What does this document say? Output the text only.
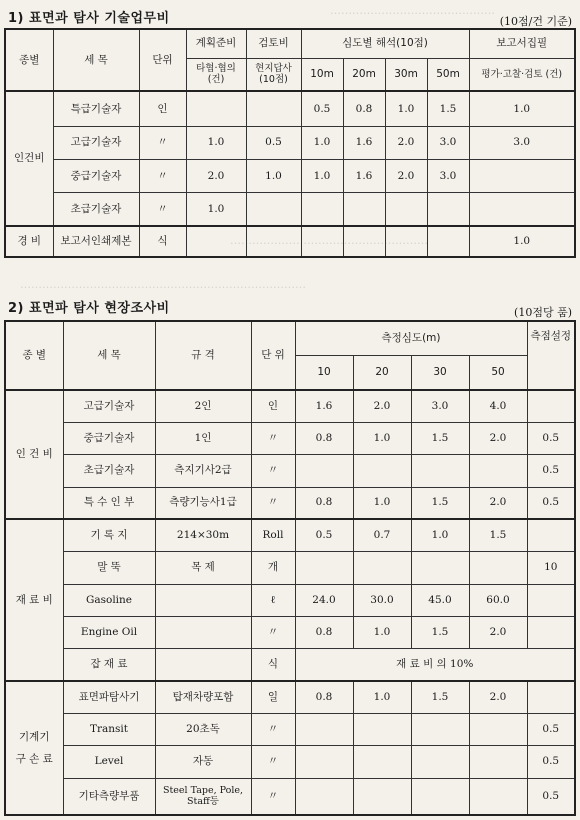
………………………………………
………………………………………………
……………………………………………………………………
1) 표면과 탐사 기술업무비	(10점/건 기준)
종별	세 목	단위	계획준비	검토비	심도별 해석(10점)				보고서집필
			타협·협의 (건)	현지답사 (10점)	10m	20m	30m	50m	평가·고찰·검토 (건)
인건비	특급기술자	인			0.5	0.8	1.0	1.5	1.0
	고급기술자	〃	1.0	0.5	1.0	1.6	2.0	3.0	3.0
	중급기술자	〃	2.0	1.0	1.0	1.6	2.0	3.0	
	초급기술자	〃	1.0						
경 비	보고서인쇄제본	식							1.0
2) 표면파 탐사 현장조사비	(10점당 품)
종 별	세 목	규 격	단 위	측정심도(m)				측점설정
				10	20	30	50	
인 건 비	고급기술자	2인	인	1.6	2.0	3.0	4.0	
	중급기술자	1인	〃	0.8	1.0	1.5	2.0	0.5
	초급기술자	측지기사2급	〃					0.5
	특 수 인 부	측량기능사1급	〃	0.8	1.0	1.5	2.0	0.5
재 료 비	기 록 지	214×30m	Roll	0.5	0.7	1.0	1.5	
	말 뚝	목 제	개					10
	Gasoline		ℓ	24.0	30.0	45.0	60.0	
	Engine Oil		〃	0.8	1.0	1.5	2.0	
	잡 재 료		식	재 료 비 의 10%				
기계기구 손 료	표면파탐사기	탑재차량포함	일	0.8	1.0	1.5	2.0	
	Transit	20초독	〃					0.5
	Level	자동	〃					0.5
	기타측량부품	Steel Tape, Pole, Staff등	〃					0.5
